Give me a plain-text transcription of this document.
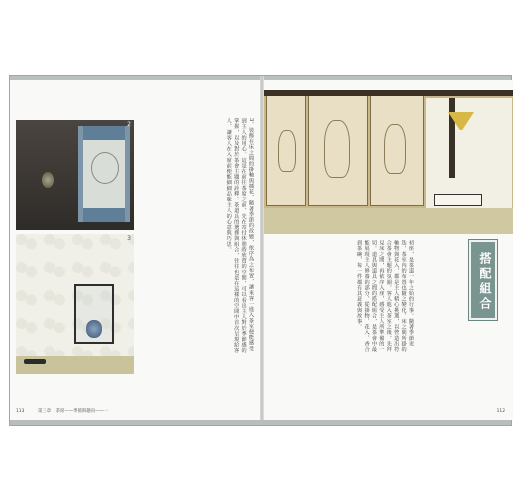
2
3	3、裝飾在床之間的掛軸與插花，隨著季節的改變，依序為之布置，讓來客一進入茶室便能感受到主人的用心。這是在前往茶席之前，先在寄付休憩時欣賞的空間，可以看出主人對於季節感的掌握，以及對於茶會主題的詮釋。茶道具的選擇與組合，往往也是在這樣的空間中首次呈現給客人，讓客人在入席前便能細細品味主人的心意與巧思。
113	第三章　茶席——季節與趣向——一
搭配組合
初座，是茶道一年之始的行事。隨著季節更迭，茶室內的布置也隨之變化，床之間所掛的軸物與花入，都是主人精心挑選，以營造出符合茶會主題的氛圍。客人進入茶室之後，先拜見床之間，再依序入座，感受主人所準備的一切。道具與道具之間的搭配組合，是茶會中最能展現主人修養的部分，從掛物、花入、香合到茶碗，每一件都有其意義與故事。
112
